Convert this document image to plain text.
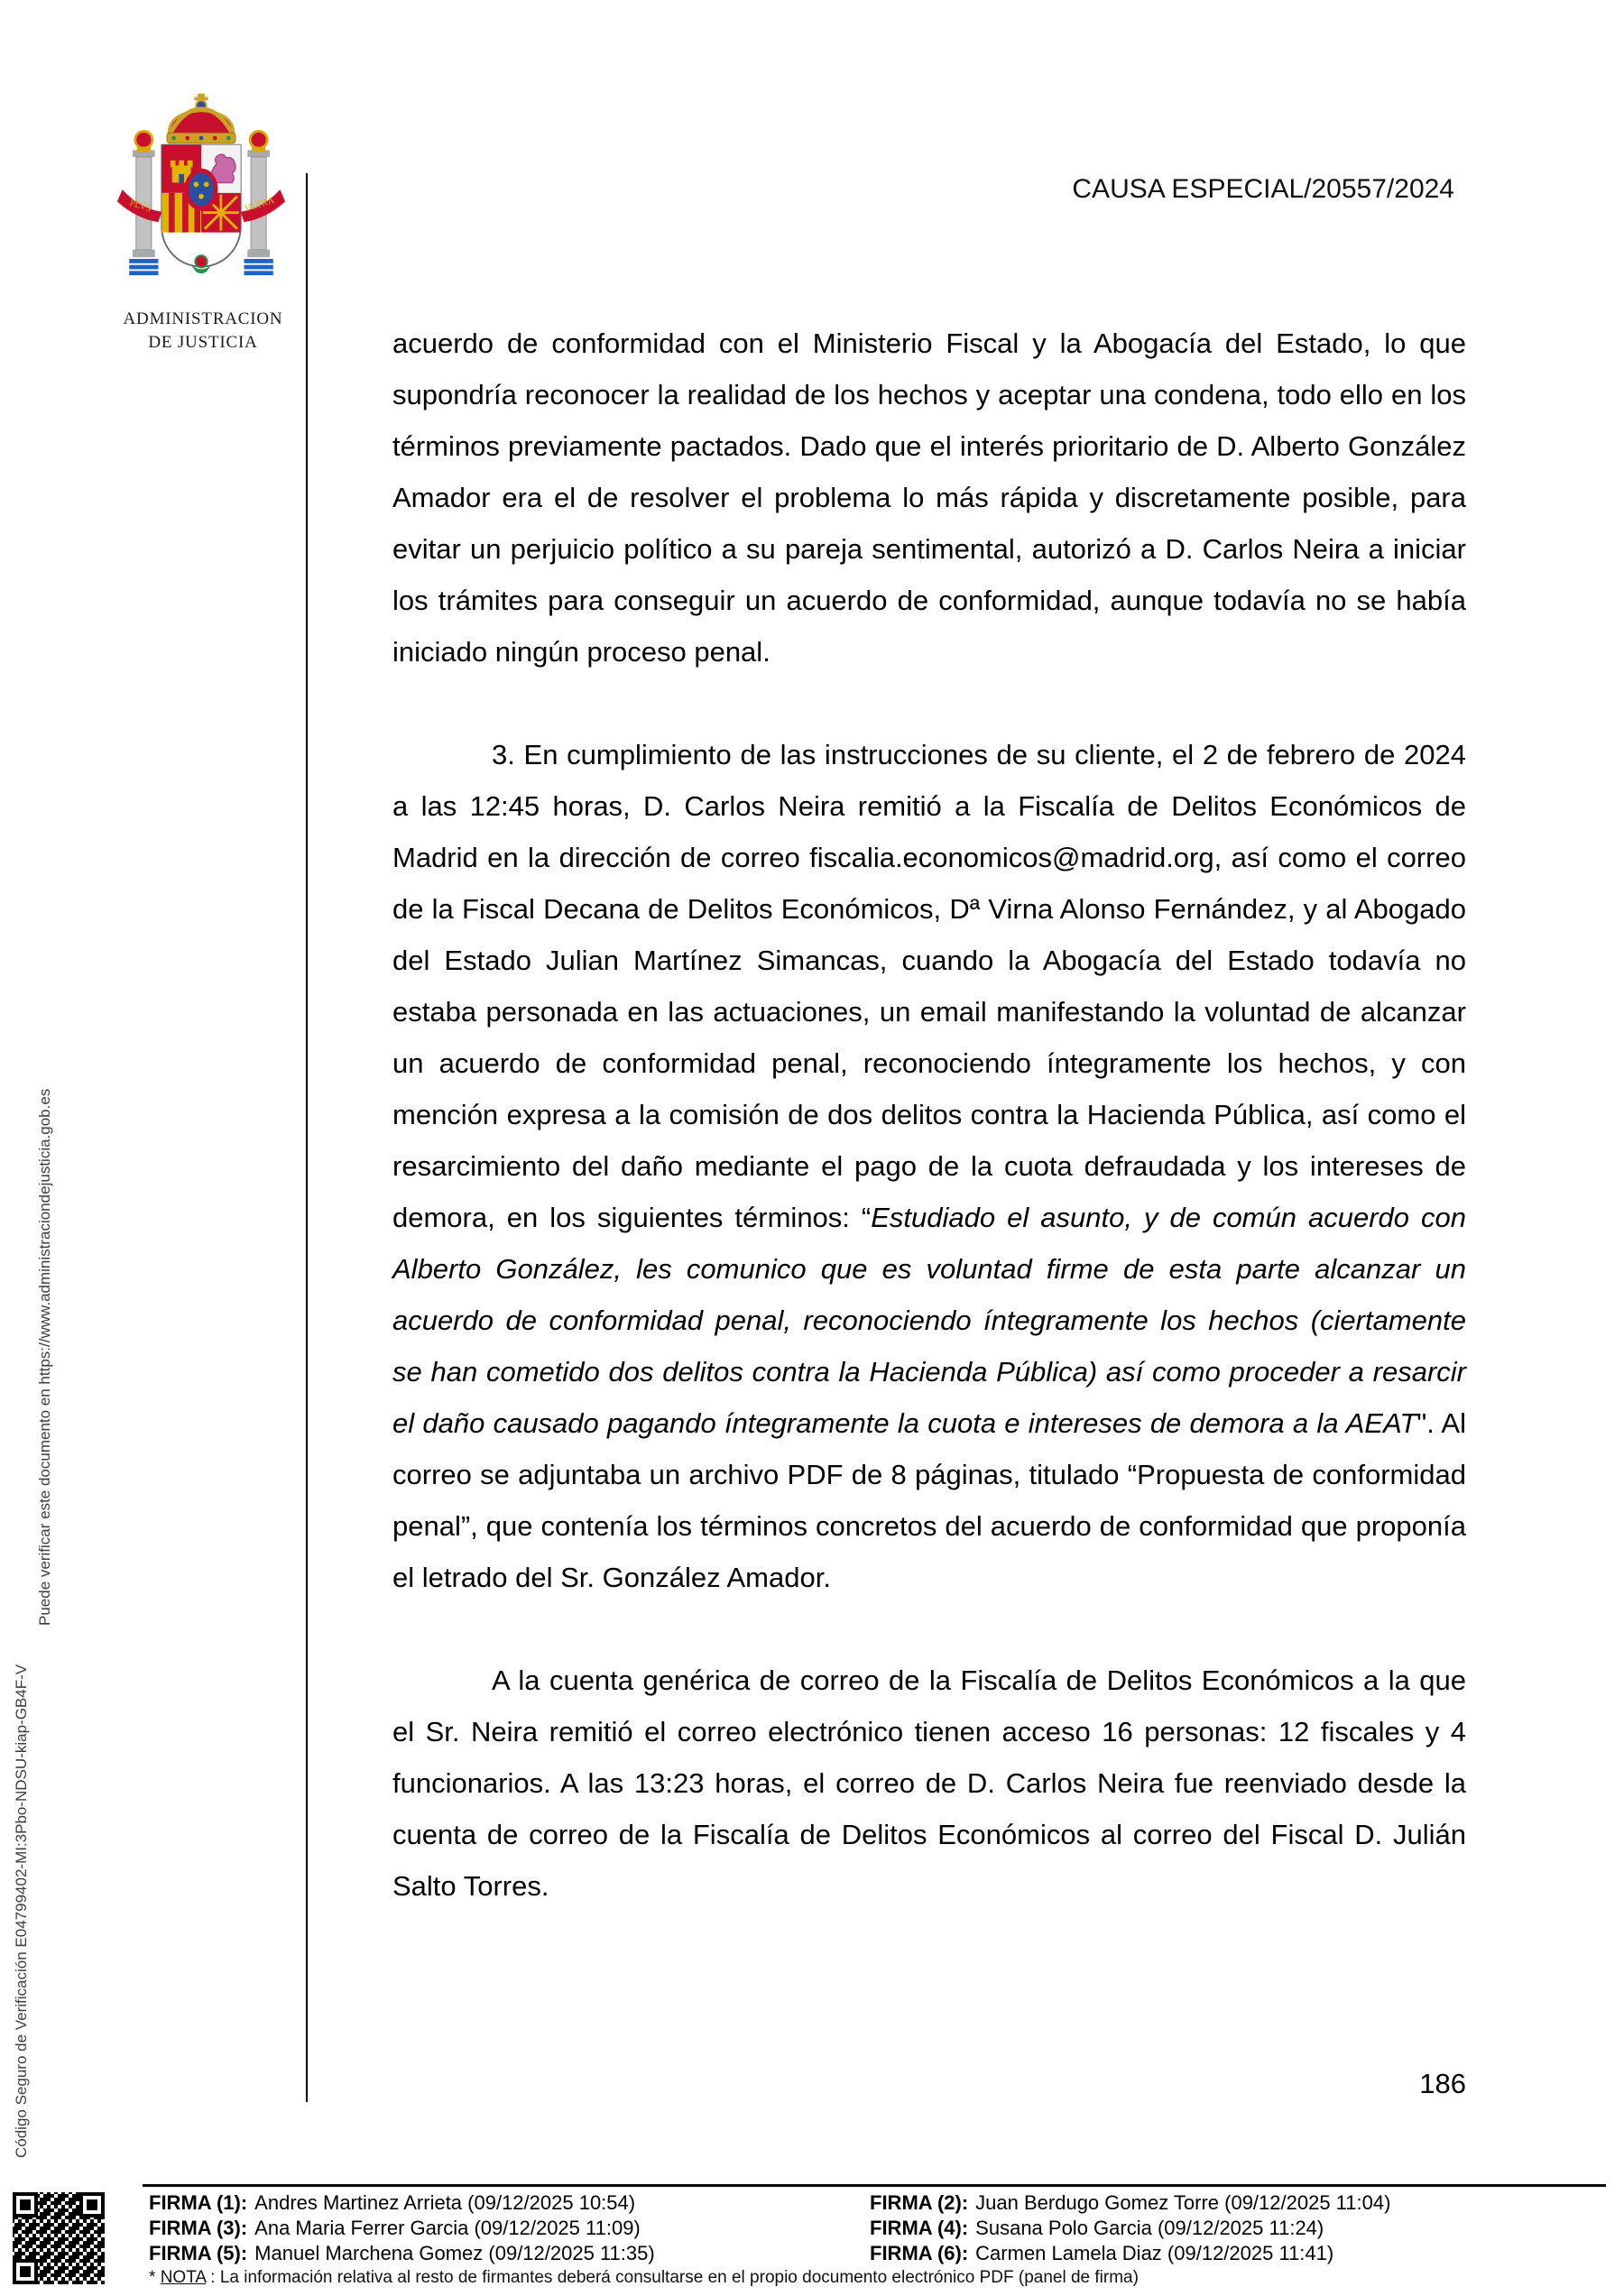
PLVS	VLTRA
ADMINISTRACION
DE JUSTICIA
CAUSA ESPECIAL/20557/2024
186

acuerdo de conformidad con el Ministerio Fiscal y la Abogacía del Estado, lo que supondría reconocer la realidad de los hechos y aceptar una condena, todo ello en los términos previamente pactados. Dado que el interés prioritario de D. Alberto González Amador era el de resolver el problema lo más rápida y discretamente posible, para evitar un perjuicio político a su pareja sentimental, autorizó a D. Carlos Neira a iniciar los trámites para conseguir un acuerdo de conformidad, aunque todavía no se había iniciado ningún proceso penal.

3. En cumplimiento de las instrucciones de su cliente, el 2 de febrero de 2024 a las 12:45 horas, D. Carlos Neira remitió a la Fiscalía de Delitos Económicos de Madrid en la dirección de correo fiscalia.economicos@madrid.org, así como el correo de la Fiscal Decana de Delitos Económicos, Dª Virna Alonso Fernández, y al Abogado del Estado Julian Martínez Simancas, cuando la Abogacía del Estado todavía no estaba personada en las actuaciones, un email manifestando la voluntad de alcanzar un acuerdo de conformidad penal, reconociendo íntegramente los hechos, y con mención expresa a la comisión de dos delitos contra la Hacienda Pública, así como el resarcimiento del daño mediante el pago de la cuota defraudada y los intereses de demora, en los siguientes términos: “Estudiado el asunto, y de común acuerdo con Alberto González, les comunico que es voluntad firme de esta parte alcanzar un acuerdo de conformidad penal, reconociendo íntegramente los hechos (ciertamente se han cometido dos delitos contra la Hacienda Pública) así como proceder a resarcir el daño causado pagando íntegramente la cuota e intereses de demora a la AEAT". Al correo se adjuntaba un archivo PDF de 8 páginas, titulado “Propuesta de conformidad penal”, que contenía los términos concretos del acuerdo de conformidad que proponía el letrado del Sr. González Amador.

A la cuenta genérica de correo de la Fiscalía de Delitos Económicos a la que el Sr. Neira remitió el correo electrónico tienen acceso 16 personas: 12 fiscales y 4 funcionarios. A las 13:23 horas, el correo de D. Carlos Neira fue reenviado desde la cuenta de correo de la Fiscalía de Delitos Económicos al correo del Fiscal D. Julián Salto Torres.

Puede verificar este documento en https://www.administraciondejusticia.gob.es
Código Seguro de Verificación E04799402-MI:3Pbo-NDSU-kiap-GB4F-V
FIRMA (1): Andres Martinez Arrieta (09/12/2025 10:54)
FIRMA (3): Ana Maria Ferrer Garcia (09/12/2025 11:09)
FIRMA (5): Manuel Marchena Gomez (09/12/2025 11:35)
FIRMA (2): Juan Berdugo Gomez Torre (09/12/2025 11:04)
FIRMA (4): Susana Polo Garcia (09/12/2025 11:24)
FIRMA (6): Carmen Lamela Diaz (09/12/2025 11:41)
* NOTA : La información relativa al resto de firmantes deberá consultarse en el propio documento electrónico PDF (panel de firma)
